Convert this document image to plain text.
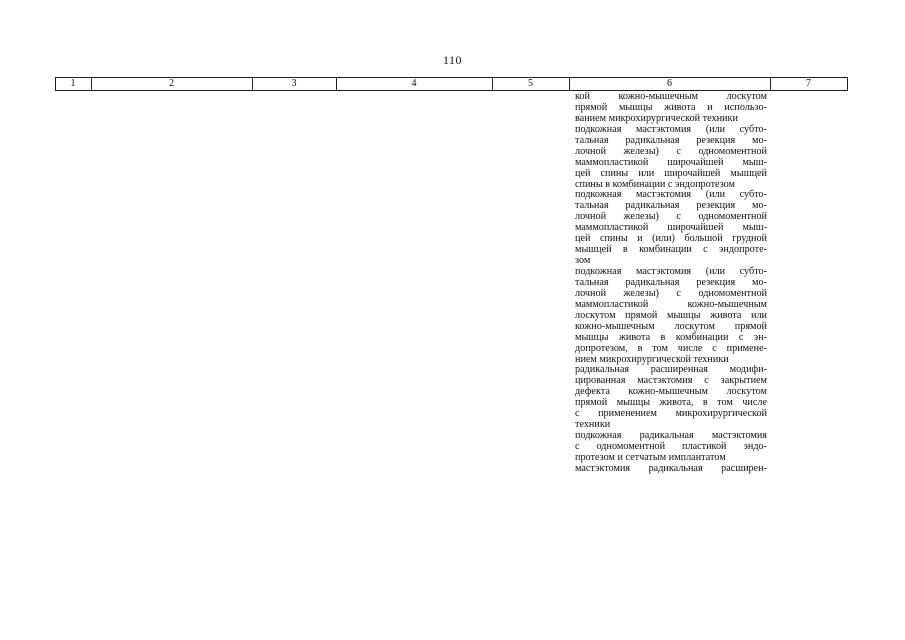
110
1	2	3	4	5	6	7
кой кожно-мышечным лоскутом
прямой мышцы живота и использо-
ванием микрохирургической техники
подкожная мастэктомия (или субто-
тальная радикальная резекция мо-
лочной железы) с одномоментной
маммопластикой широчайшей мыш-
цей спины или широчайшей мышцей
спины в комбинации с эндопротезом
подкожная мастэктомия (или субто-
тальная радикальная резекция мо-
лочной железы) с одномоментной
маммопластикой широчайшей мыш-
цей спины и (или) большой грудной
мышцей в комбинации с эндопроте-
зом
подкожная мастэктомия (или субто-
тальная радикальная резекция мо-
лочной железы) с одномоментной
маммопластикой кожно-мышечным
лоскутом прямой мышцы живота или
кожно-мышечным лоскутом прямой
мышцы живота в комбинации с эн-
допротезом, в том числе с примене-
нием микрохирургической техники
радикальная расширенная модифи-
цированная мастэктомия с закрытием
дефекта кожно-мышечным лоскутом
прямой мышцы живота, в том числе
с применением микрохирургической
техники
подкожная радикальная мастэктомия
с одномоментной пластикой эндо-
протезом и сетчатым имплантатом
мастэктомия радикальная расширен-
